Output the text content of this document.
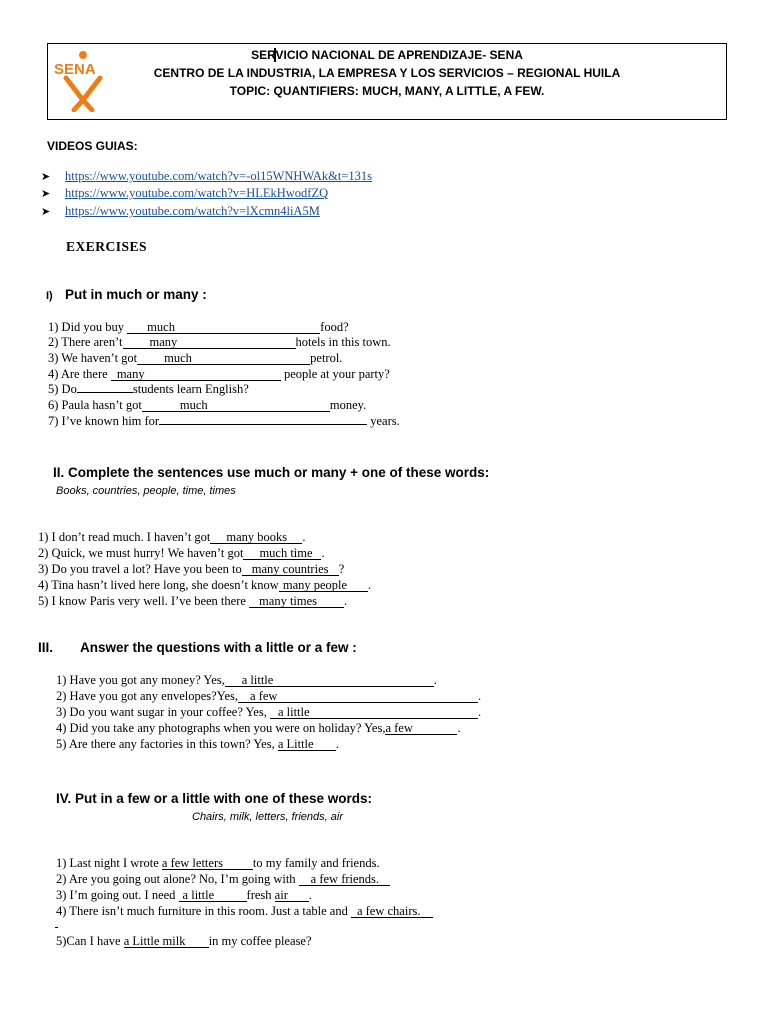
SENA
SERVICIO NACIONAL DE APRENDIZAJE- SENA
CENTRO DE LA INDUSTRIA, LA EMPRESA Y LOS SERVICIOS – REGIONAL HUILA
TOPIC: QUANTIFIERS: MUCH, MANY, A LITTLE, A FEW.
VIDEOS GUIAS:
➤ https://www.youtube.com/watch?v=-ol15WNHWAk&t=131s
➤ https://www.youtube.com/watch?v=HLEkHwodfZQ
➤ https://www.youtube.com/watch?v=lXcmn4liA5M
EXERCISES
I) Put in much or many :
1) Did you buy much	food?
2) There aren’t many	hotels in this town.
3) We haven’t got much	petrol.
4) Are there many	people at your party?
5) Do	students learn English?
6) Paula hasn’t got	much	money.
7) I’ve known him for	years.
II. Complete the sentences use much or many + one of these words:
Books, countries, people, time, times
1) I don’t read much. I haven’t got many books .
2) Quick, we must hurry! We haven’t got much time .
3) Do you travel a lot? Have you been to many countries ?
4) Tina hasn’t lived here long, she doesn’t know many people .
5) I know Paris very well. I’ve been there many times .
III. Answer the questions with a little or a few :
1) Have you got any money? Yes, a little	.
2) Have you got any envelopes?Yes, a few	.
3) Do you want sugar in your coffee? Yes, a little	.
4) Did you take any photographs when you were on holiday? Yes,a few	.
5) Are there any factories in this town? Yes, a Little .
IV. Put in a few or a little with one of these words:
Chairs, milk, letters, friends, air
1) Last night I wrote a few letters to my family and friends.
2) Are you going out alone? No, I’m going with a few friends.
3) I’m going out. I need a little	fresh air .
4) There isn’t much furniture in this room. Just a table and a few chairs.
5)Can I have a Little milk in my coffee please?
